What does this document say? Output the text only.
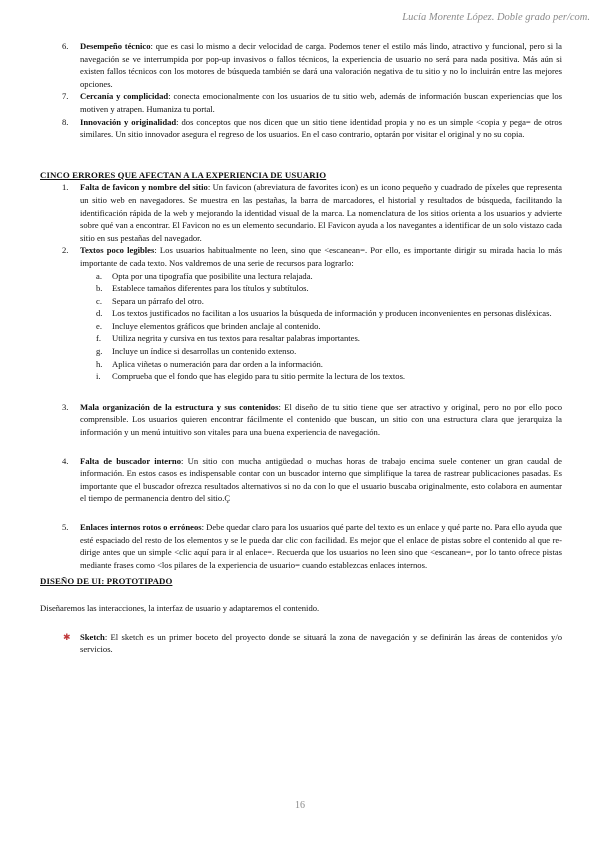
Lucía Morente López. Doble grado per/com.

6. Desempeño técnico: que es casi lo mismo a decir velocidad de carga. Podemos tener el estilo más lindo, atractivo y funcional, pero si la navegación se ve interrumpida por pop-up invasivos o fallos técnicos, la experiencia de usuario no será para nada positiva. Más aún si existen fallos técnicos con los motores de búsqueda también se dará una valoración negativa de tu sitio y no lo incluirán entre las mejores opciones.

7. Cercanía y complicidad: conecta emocionalmente con los usuarios de tu sitio web, además de información buscan experiencias que los motiven y atrapen. Humaniza tu portal.

8. Innovación y originalidad: dos conceptos que nos dicen que un sitio tiene identidad propia y no es un simple <copia y pega= de otros similares. Un sitio innovador asegura el regreso de los usuarios. En el caso contrario, optarán por visitar el original y no su copia.

CINCO ERRORES QUE AFECTAN A LA EXPERIENCIA DE USUARIO

1. Falta de favicon y nombre del sitio: Un favicon (abreviatura de favorites icon) es un icono pequeño y cuadrado de píxeles que representa un sitio web en navegadores. Se muestra en las pestañas, la barra de marcadores, el historial y resultados de búsqueda, facilitando la identificación rápida de la web y mejorando la identidad visual de la marca. La nomenclatura de los sitios orienta a los usuarios y advierte sobre qué van a encontrar. El Favicon no es un elemento secundario. El Favicon ayuda a los navegantes a identificar de un solo vistazo cada sitio en sus pestañas del navegador.

2. Textos poco legibles: Los usuarios habitualmente no leen, sino que <escanean=. Por ello, es importante dirigir su mirada hacia lo más importante de cada texto. Nos valdremos de una serie de recursos para lograrlo:

a. Opta por una tipografía que posibilite una lectura relajada.
b. Establece tamaños diferentes para los títulos y subtítulos.
c. Separa un párrafo del otro.
d. Los textos justificados no facilitan a los usuarios la búsqueda de información y producen inconvenientes en personas disléxicas.
e. Incluye elementos gráficos que brinden anclaje al contenido.
f. Utiliza negrita y cursiva en tus textos para resaltar palabras importantes.
g. Incluye un índice si desarrollas un contenido extenso.
h. Aplica viñetas o numeración para dar orden a la información.
i. Comprueba que el fondo que has elegido para tu sitio permite la lectura de los textos.

3. Mala organización de la estructura y sus contenidos: El diseño de tu sitio tiene que ser atractivo y original, pero no por ello poco comprensible. Los usuarios quieren encontrar fácilmente el contenido que buscan, un sitio con una estructura clara que jerarquiza la información y un menú intuitivo son vitales para una buena experiencia de navegación.

4. Falta de buscador interno: Un sitio con mucha antigüedad o muchas horas de trabajo encima suele contener un gran caudal de información. En estos casos es indispensable contar con un buscador interno que simplifique la tarea de rastrear publicaciones pasadas. Es importante que el buscador ofrezca resultados alternativos si no da con lo que el usuario buscaba originalmente, esto colabora en aumentar el tiempo de permanencia dentro del sitio.Ç

5. Enlaces internos rotos o erróneos: Debe quedar claro para los usuarios qué parte del texto es un enlace y qué parte no. Para ello ayuda que esté espaciado del resto de los elementos y se le pueda dar clic con facilidad. Es mejor que el enlace de pistas sobre el contenido al que re-dirige antes que un simple <clic aquí para ir al enlace=. Recuerda que los usuarios no leen sino que <escanean=, por lo tanto ofrece pistas mediante frases como <los pilares de la experiencia de usuario= cuando establezcas enlaces internos.

DISEÑO DE UI: PROTOTIPADO

Diseñaremos las interacciones, la interfaz de usuario y adaptaremos el contenido.

✱ Sketch: El sketch es un primer boceto del proyecto donde se situará la zona de navegación y se definirán las áreas de contenidos y/o servicios.

16
